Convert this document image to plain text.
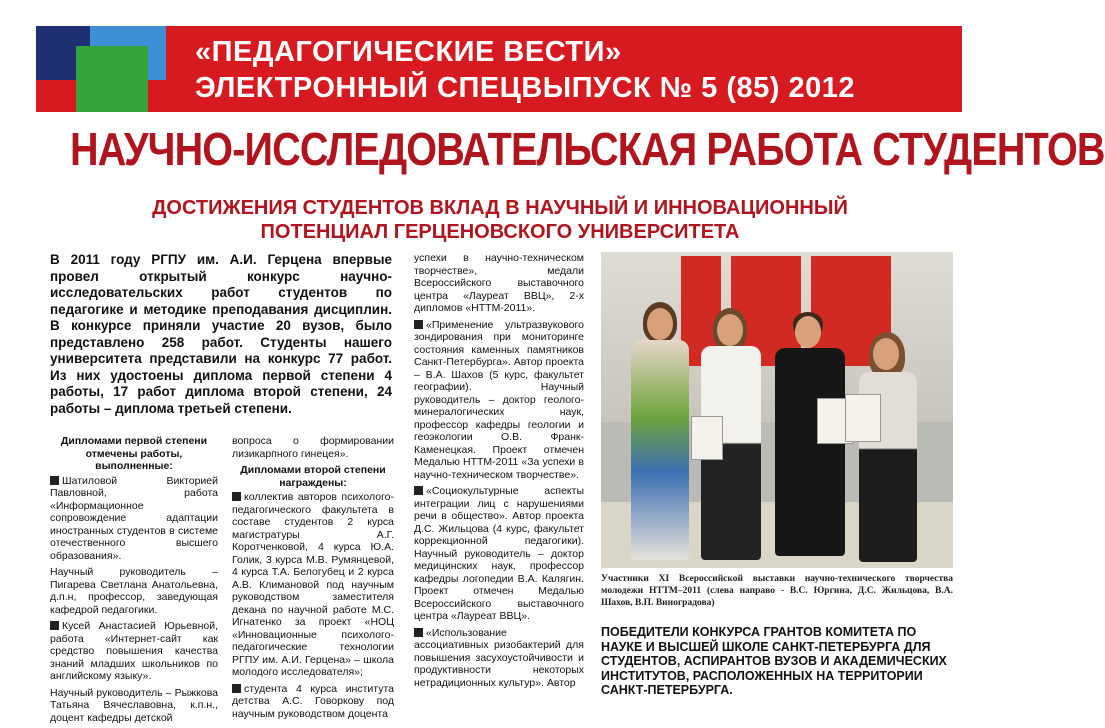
«ПЕДАГОГИЧЕСКИЕ ВЕСТИ»
ЭЛЕКТРОННЫЙ СПЕЦВЫПУСК № 5 (85) 2012
НАУЧНО-ИССЛЕДОВАТЕЛЬСКАЯ РАБОТА СТУДЕНТОВ
ДОСТИЖЕНИЯ СТУДЕНТОВ ВКЛАД В НАУЧНЫЙ И ИННОВАЦИОННЫЙ
ПОТЕНЦИАЛ ГЕРЦЕНОВСКОГО УНИВЕРСИТЕТА
В 2011 году РГПУ им. А.И. Герцена впервые провел открытый конкурс научно-исследовательских работ студентов по педагогике и методике преподавания дисциплин. В конкурсе приняли участие 20 вузов, было представлено 258 работ. Студенты нашего университета представили на конкурс 77 работ. Из них удостоены диплома первой степени 4 работы, 17 работ диплома второй степени, 24 работы – диплома третьей степени.

Дипломами первой степени отмечены работы, выполненные:

Шатиловой Викторией Павловной, работа «Информационное сопровождение адаптации иностранных студентов в системе отечественного высшего образования».

Научный руководитель – Пигарева Светлана Анатольевна, д.п.н, профессор, заведующая кафедрой педагогики.

Кусей Анастасией Юрьевной, работа «Интернет-сайт как средство повышения качества знаний младших школьников по английскому языку».

Научный руководитель – Рыжкова Татьяна Вячеславовна, к.п.н., доцент кафедры детской

вопроса о формировании лизикарпного гинецея».

Дипломами второй степени награждены:

коллектив авторов психолого-педагогического факультета в составе студентов 2 курса магистратуры А.Г. Коротченковой, 4 курса Ю.А. Голик, 3 курса М.В. Румянцевой, 4 курса Т.А. Белогубец и 2 курса А.В. Климановой под научным руководством заместителя декана по научной работе М.С. Игнатенко за проект «НОЦ «Инновационные психолого-педагогические технологии РГПУ им. А.И. Герцена» – школа молодого исследователя»;

студента 4 курса института детства А.С. Говоркову под научным руководством доцента

успехи в научно-техническом творчестве», медали Всероссийского выставочного центра «Лауреат ВВЦ», 2-х дипломов «НТТМ-2011».

«Применение ультразвукового зондирования при мониторинге состояния каменных памятников Санкт-Петербурга». Автор проекта – В.А. Шахов (5 курс, факультет географии). Научный руководитель – доктор геолого-минералогических наук, профессор кафедры геологии и геоэкологии О.В. Франк-Каменецкая. Проект отмечен Медалью НТТМ-2011 «За успехи в научно-техническом творчестве».

«Социокультурные аспекты интеграции лиц с нарушениями речи в общество». Автор проекта Д.С. Жильцова (4 курс, факультет коррекционной педагогики). Научный руководитель – доктор медицинских наук, профессор кафедры логопедии В.А. Калягин. Проект отмечен Медалью Всероссийского выставочного центра «Лауреат ВВЦ».

«Использование ассоциативных ризобактерий для повышения засухоустойчивости и продуктивности некоторых нетрадиционных культур». Автор

Участники XI Всероссийской выставки научно-технического творчества молодежи НТТМ–2011 (слева направо - В.С. Юргина, Д.С. Жильцова, В.А. Шахов, В.П. Виноградова)
ПОБЕДИТЕЛИ КОНКУРСА ГРАНТОВ КОМИТЕТА ПО НАУКЕ И ВЫСШЕЙ ШКОЛЕ САНКТ-ПЕТЕРБУРГА ДЛЯ СТУДЕНТОВ, АСПИРАНТОВ ВУЗОВ И АКАДЕМИЧЕСКИХ ИНСТИТУТОВ, РАСПОЛОЖЕННЫХ НА ТЕРРИТОРИИ САНКТ-ПЕТЕРБУРГА.
